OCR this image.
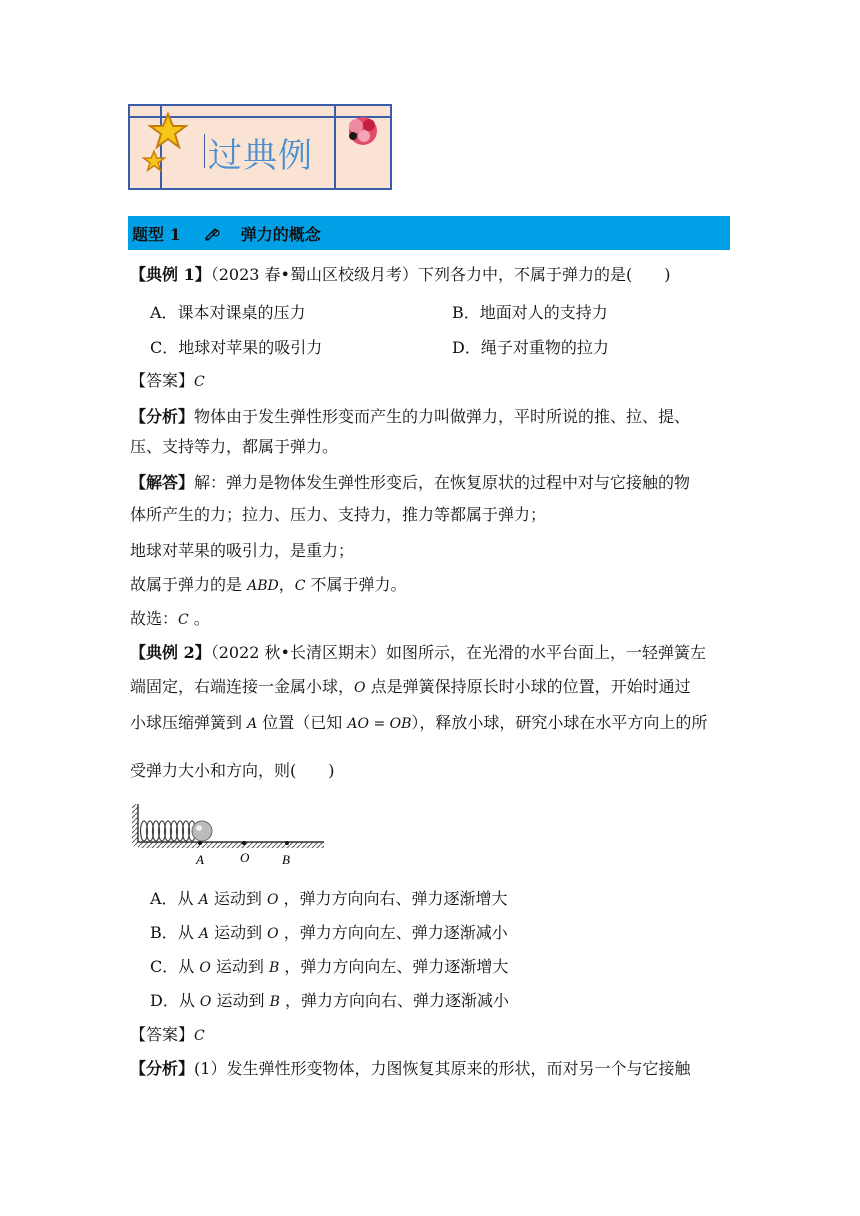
过典例
题型 1	弹力的概念
【典例 1】（2023 春•蜀山区校级月考）下列各力中，不属于弹力的是(　　)
A．课本对课桌的压力	B．地面对人的支持力
C．地球对苹果的吸引力	D．绳子对重物的拉力
【答案】C
【分析】物体由于发生弹性形变而产生的力叫做弹力，平时所说的推、拉、提、
压、支持等力，都属于弹力。
【解答】解：弹力是物体发生弹性形变后，在恢复原状的过程中对与它接触的物
体所产生的力；拉力、压力、支持力，推力等都属于弹力；
地球对苹果的吸引力，是重力；
故属于弹力的是 ABD，C 不属于弹力。
故选：C 。
【典例 2】（2022 秋•长清区期末）如图所示，在光滑的水平台面上，一轻弹簧左
端固定，右端连接一金属小球，O 点是弹簧保持原长时小球的位置，开始时通过
小球压缩弹簧到 A 位置（已知 AO = OB），释放小球，研究小球在水平方向上的所
受弹力大小和方向，则(　　)
A	O	B
A．从 A 运动到 O ，弹力方向向右、弹力逐渐增大
B．从 A 运动到 O ，弹力方向向左、弹力逐渐减小
C．从 O 运动到 B ，弹力方向向左、弹力逐渐增大
D．从 O 运动到 B ，弹力方向向右、弹力逐渐减小
【答案】C
【分析】(1）发生弹性形变物体，力图恢复其原来的形状，而对另一个与它接触
